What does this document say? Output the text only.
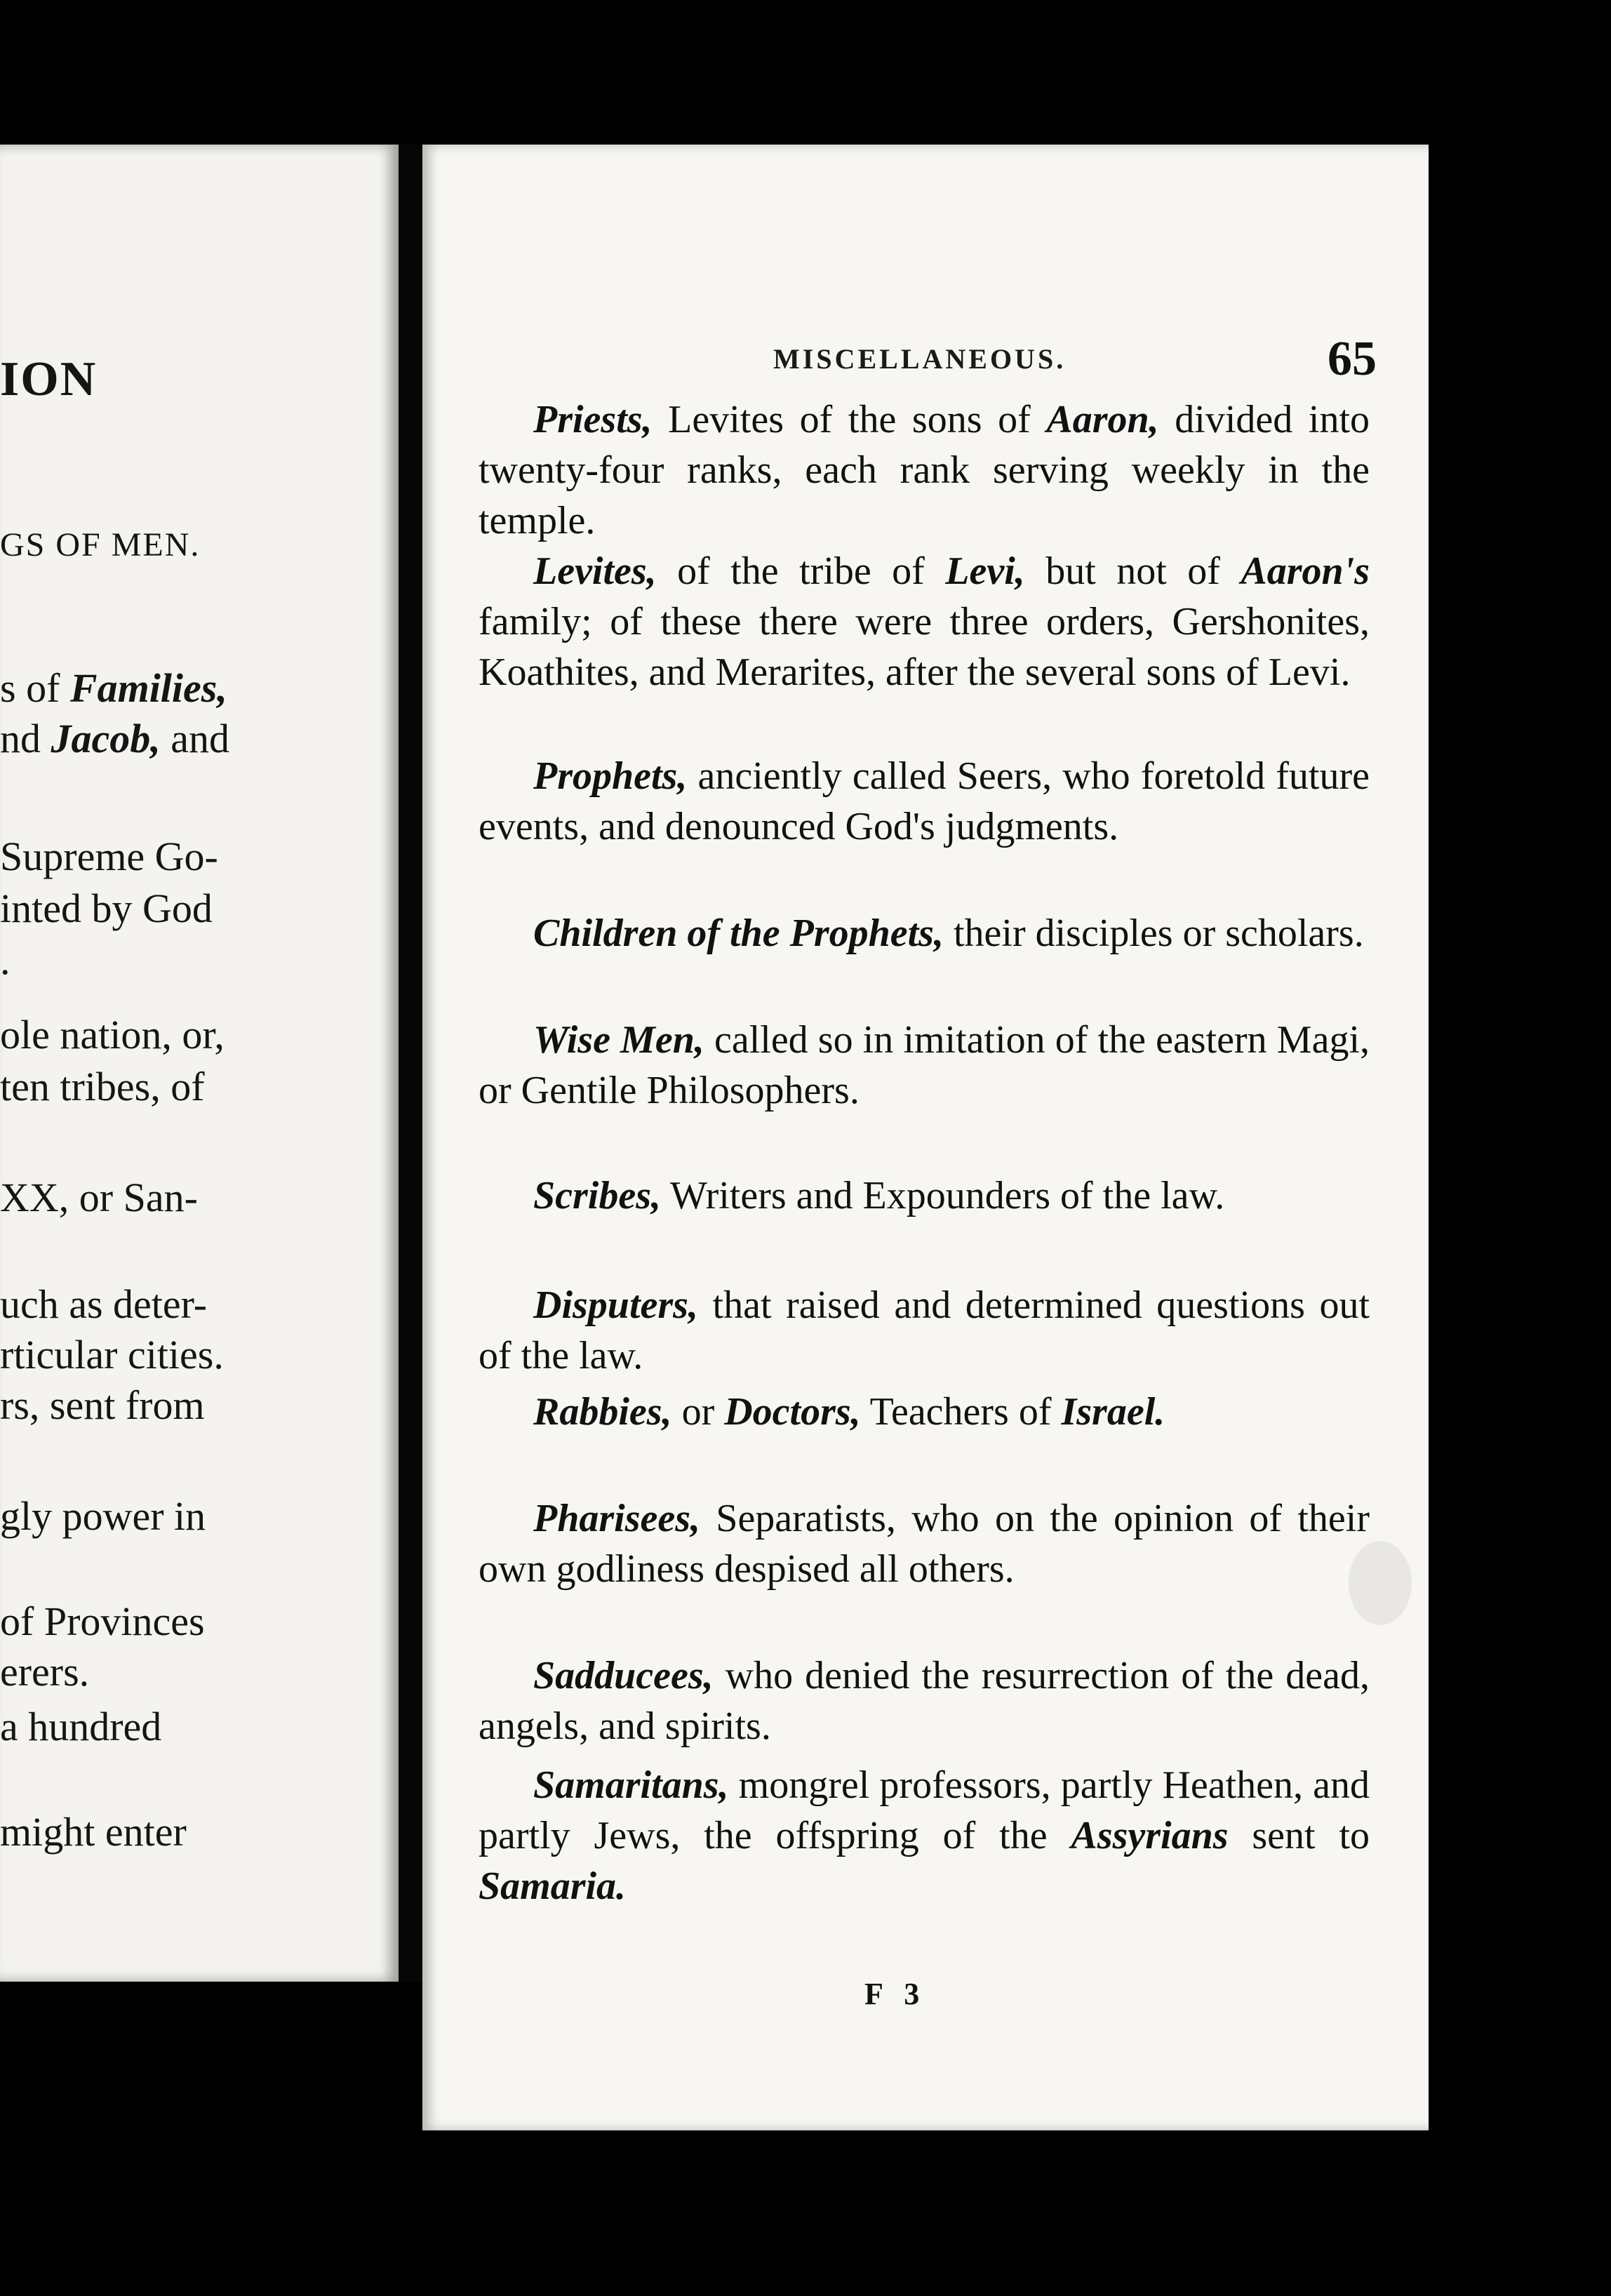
ION
GS OF MEN.
s of Families,
nd Jacob, and
Supreme Go-
inted by God
.
ole nation, or,
ten tribes, of
XX, or San-
uch as deter-
rticular cities.
rs, sent from
gly power in
of Provinces
erers.
a hundred
might enter
MISCELLANEOUS.	65
Priests, Levites of the sons of Aaron, divided into twenty-four ranks, each rank serving weekly in the temple.
Levites, of the tribe of Levi, but not of Aaron's family; of these there were three orders, Gershonites, Koathites, and Merarites, after the several sons of Levi.
Prophets, anciently called Seers, who foretold future events, and denounced God's judgments.
Children of the Prophets, their disciples or scholars.
Wise Men, called so in imitation of the eastern Magi, or Gentile Philosophers.
Scribes, Writers and Expounders of the law.
Disputers, that raised and determined questions out of the law.
Rabbies, or Doctors, Teachers of Israel.
Pharisees, Separatists, who on the opinion of their own godliness despised all others.
Sadducees, who denied the resurrection of the dead, angels, and spirits.
Samaritans, mongrel professors, partly Heathen, and partly Jews, the offspring of the Assyrians sent to Samaria.
F 3
